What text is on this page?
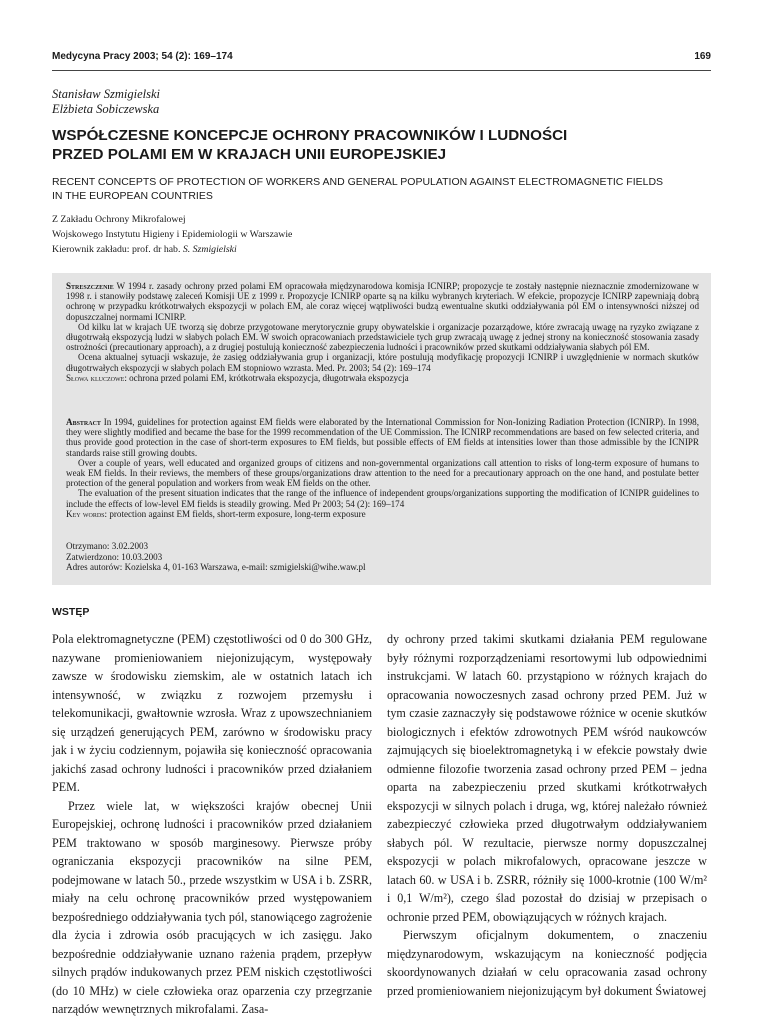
Medycyna Pracy 2003; 54 (2): 169–174	169
Stanisław Szmigielski
Elżbieta Sobiczewska
WSPÓŁCZESNE KONCEPCJE OCHRONY PRACOWNIKÓW I LUDNOŚCI
PRZED POLAMI EM W KRAJACH UNII EUROPEJSKIEJ
RECENT CONCEPTS OF PROTECTION OF WORKERS AND GENERAL POPULATION AGAINST ELECTROMAGNETIC FIELDS
IN THE EUROPEAN COUNTRIES
Z Zakładu Ochrony Mikrofalowej
Wojskowego Instytutu Higieny i Epidemiologii w Warszawie
Kierownik zakładu: prof. dr hab. S. Szmigielski

Streszczenie W 1994 r. zasady ochrony przed polami EM opracowała międzynarodowa komisja ICNIRP; propozycje te zostały następnie nieznacznie zmodernizowane w 1998 r. i stanowiły podstawę zaleceń Komisji UE z 1999 r. Propozycje ICNIRP oparte są na kilku wybranych kryteriach. W efekcie, propozycje ICNIRP zapewniają dobrą ochronę w przypadku krótkotrwałych ekspozycji w polach EM, ale coraz więcej wątpliwości budzą ewentualne skutki oddziaływania pól EM o intensywności niższej od dopuszczalnej normami ICNIRP.

Od kilku lat w krajach UE tworzą się dobrze przygotowane merytorycznie grupy obywatelskie i organizacje pozarządowe, które zwracają uwagę na ryzyko związane z długotrwałą ekspozycją ludzi w słabych polach EM. W swoich opracowaniach przedstawiciele tych grup zwracają uwagę z jednej strony na konieczność stosowania zasady ostrożności (precautionary approach), a z drugiej postulują konieczność zabezpieczenia ludności i pracowników przed skutkami oddziaływania słabych pól EM.

Ocena aktualnej sytuacji wskazuje, że zasięg oddziaływania grup i organizacji, które postulują modyfikację propozycji ICNIRP i uwzględnienie w normach skutków długotrwałych ekspozycji w słabych polach EM stopniowo wzrasta. Med. Pr. 2003; 54 (2): 169–174

Słowa kluczowe: ochrona przed polami EM, krótkotrwała ekspozycja, długotrwała ekspozycja

Abstract In 1994, guidelines for protection against EM fields were elaborated by the International Commission for Non-Ionizing Radiation Protection (ICNIRP). In 1998, they were slightly modified and became the base for the 1999 recommendation of the UE Commission. The ICNIRP recommendations are based on few selected criteria, and thus provide good protection in the case of short-term exposures to EM fields, but possible effects of EM fields at intensities lower than those admissible by the ICNIPR standards raise still growing doubts.

Over a couple of years, well educated and organized groups of citizens and non-governmental organizations call attention to risks of long-term exposure of humans to weak EM fields. In their reviews, the members of these groups/organizations draw attention to the need for a precautionary approach on the one hand, and postulate better protection of the general population and workers from weak EM fields on the other.

The evaluation of the present situation indicates that the range of the influence of independent groups/organizations supporting the modification of ICNIPR guidelines to include the effects of low-level EM fields is steadily growing. Med Pr 2003; 54 (2): 169–174

Key words: protection against EM fields, short-term exposure, long-term exposure

Otrzymano: 3.02.2003
Zatwierdzono: 10.03.2003
Adres autorów: Kozielska 4, 01-163 Warszawa, e-mail: szmigielski@wihe.waw.pl
WSTĘP

Pola elektromagnetyczne (PEM) częstotliwości od 0 do 300 GHz, nazywane promieniowaniem niejonizującym, występowały zawsze w środowisku ziemskim, ale w ostatnich latach ich intensywność, w związku z rozwojem przemysłu i telekomunikacji, gwałtownie wzrosła. Wraz z upowszechnianiem się urządzeń generujących PEM, zarówno w środowisku pracy jak i w życiu codziennym, pojawiła się konieczność opracowania jakichś zasad ochrony ludności i pracowników przed działaniem PEM.

Przez wiele lat, w większości krajów obecnej Unii Europejskiej, ochronę ludności i pracowników przed działaniem PEM traktowano w sposób marginesowy. Pierwsze próby ograniczania ekspozycji pracowników na silne PEM, podejmowane w latach 50., przede wszystkim w USA i b. ZSRR, miały na celu ochronę pracowników przed występowaniem bezpośredniego oddziaływania tych pól, stanowiącego zagrożenie dla życia i zdrowia osób pracujących w ich zasięgu. Jako bezpośrednie oddziaływanie uznano rażenia prądem, przepływ silnych prądów indukowanych przez PEM niskich częstotliwości (do 10 MHz) w ciele człowieka oraz oparzenia czy przegrzanie narządów wewnętrznych mikrofalami. Zasa-

dy ochrony przed takimi skutkami działania PEM regulowane były różnymi rozporządzeniami resortowymi lub odpowiednimi instrukcjami. W latach 60. przystąpiono w różnych krajach do opracowania nowoczesnych zasad ochrony przed PEM. Już w tym czasie zaznaczyły się podstawowe różnice w ocenie skutków biologicznych i efektów zdrowotnych PEM wśród naukowców zajmujących się bioelektromagnetyką i w efekcie powstały dwie odmienne filozofie tworzenia zasad ochrony przed PEM – jedna oparta na zabezpieczeniu przed skutkami krótkotrwałych ekspozycji w silnych polach i druga, wg, której należało również zabezpieczyć człowieka przed długotrwałym oddziaływaniem słabych pól. W rezultacie, pierwsze normy dopuszczalnej ekspozycji w polach mikrofalowych, opracowane jeszcze w latach 60. w USA i b. ZSRR, różniły się 1000-krotnie (100 W/m² i 0,1 W/m²), czego ślad pozostał do dzisiaj w przepisach o ochronie przed PEM, obowiązujących w różnych krajach.

Pierwszym oficjalnym dokumentem, o znaczeniu międzynarodowym, wskazującym na konieczność podjęcia skoordynowanych działań w celu opracowania zasad ochrony przed promieniowaniem niejonizującym był dokument Światowej
